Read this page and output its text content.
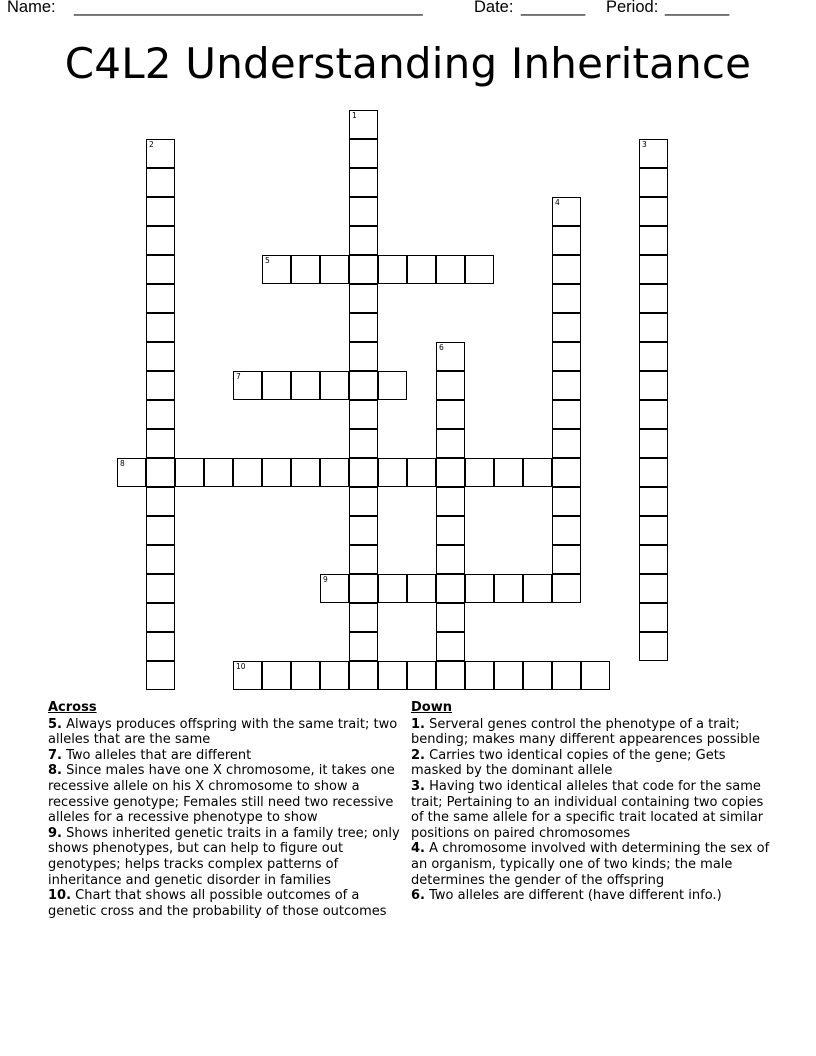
Name: ______________________________________	Date: _______ Period: _______
C4L2 Understanding Inheritance
1
2	3
4
5
6
7
8
9
10
Across
5. Always produces offspring with the same trait; two alleles that are the same
7. Two alleles that are different
8. Since males have one X chromosome, it takes one recessive allele on his X chromosome to show a recessive genotype; Females still need two recessive alleles for a recessive phenotype to show
9. Shows inherited genetic traits in a family tree; only shows phenotypes, but can help to figure out genotypes; helps tracks complex patterns of inheritance and genetic disorder in families
10. Chart that shows all possible outcomes of a genetic cross and the probability of those outcomes
Down
1. Serveral genes control the phenotype of a trait; bending; makes many different appearences possible
2. Carries two identical copies of the gene; Gets masked by the dominant allele
3. Having two identical alleles that code for the same trait; Pertaining to an individual containing two copies of the same allele for a specific trait located at similar positions on paired chromosomes
4. A chromosome involved with determining the sex of an organism, typically one of two kinds; the male determines the gender of the offspring
6. Two alleles are different (have different info.)
